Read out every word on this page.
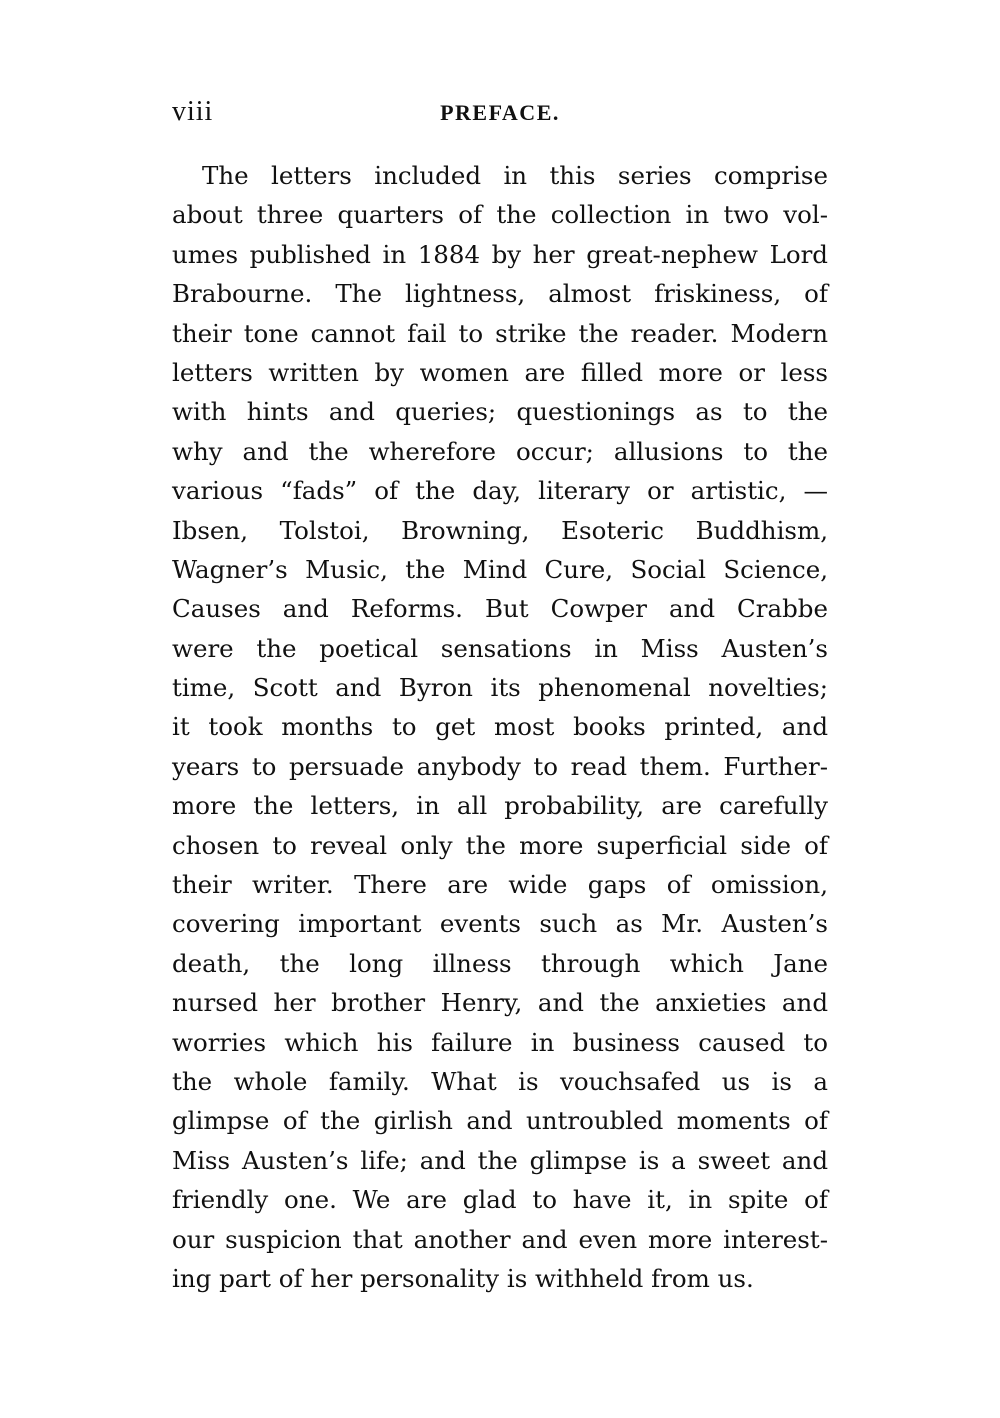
viii	PREFACE.

The letters included in this series comprise
about three quarters of the collection in two vol-
umes published in 1884 by her great-nephew Lord
Brabourne. The lightness, almost friskiness, of
their tone cannot fail to strike the reader. Modern
letters written by women are filled more or less
with hints and queries; questionings as to the
why and the wherefore occur; allusions to the
various “fads” of the day, literary or artistic, —
Ibsen, Tolstoi, Browning, Esoteric Buddhism,
Wagner’s Music, the Mind Cure, Social Science,
Causes and Reforms. But Cowper and Crabbe
were the poetical sensations in Miss Austen’s
time, Scott and Byron its phenomenal novelties;
it took months to get most books printed, and
years to persuade anybody to read them. Further-
more the letters, in all probability, are carefully
chosen to reveal only the more superficial side of
their writer. There are wide gaps of omission,
covering important events such as Mr. Austen’s
death, the long illness through which Jane
nursed her brother Henry, and the anxieties and
worries which his failure in business caused to
the whole family. What is vouchsafed us is a
glimpse of the girlish and untroubled moments of
Miss Austen’s life; and the glimpse is a sweet and
friendly one. We are glad to have it, in spite of
our suspicion that another and even more interest-
ing part of her personality is withheld from us.
